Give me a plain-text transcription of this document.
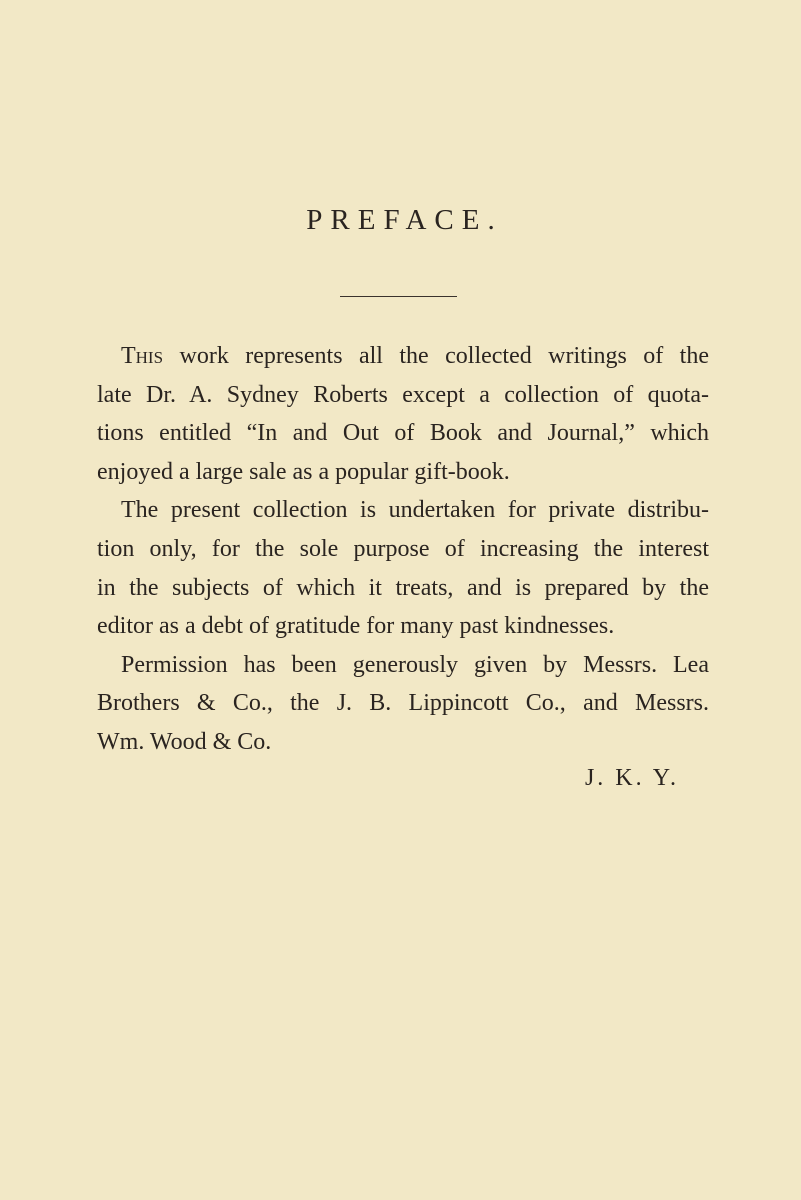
PREFACE.
This work represents all the collected writings of the
late Dr. A. Sydney Roberts except a collection of quota-
tions entitled “In and Out of Book and Journal,” which
enjoyed a large sale as a popular gift-book.
The present collection is undertaken for private distribu-
tion only, for the sole purpose of increasing the interest
in the subjects of which it treats, and is prepared by the
editor as a debt of gratitude for many past kindnesses.
Permission has been generously given by Messrs. Lea
Brothers & Co., the J. B. Lippincott Co., and Messrs.
Wm. Wood & Co.
J. K. Y.
